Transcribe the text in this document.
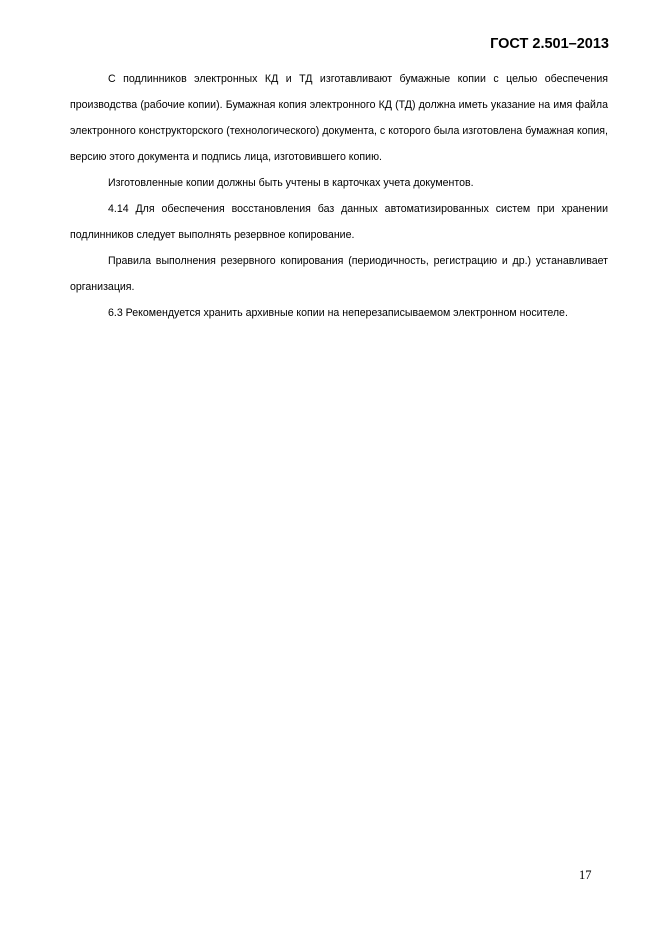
ГОСТ 2.501–2013

С подлинников электронных КД и ТД изготавливают бумажные копии с целью обеспечения производства (рабочие копии). Бумажная копия электронного КД (ТД) должна иметь указание на имя файла электронного конструкторского (технологического) документа, с которого была изготовлена бумажная копия, версию этого документа и подпись лица, изготовившего копию.

Изготовленные копии должны быть учтены в карточках учета документов.

4.14 Для обеспечения восстановления баз данных автоматизированных систем при хранении подлинников следует выполнять резервное копирование.

Правила выполнения резервного копирования (периодичность, регистрацию и др.) устанавливает организация.

6.3 Рекомендуется хранить архивные копии на неперезаписываемом электронном носителе.

17
